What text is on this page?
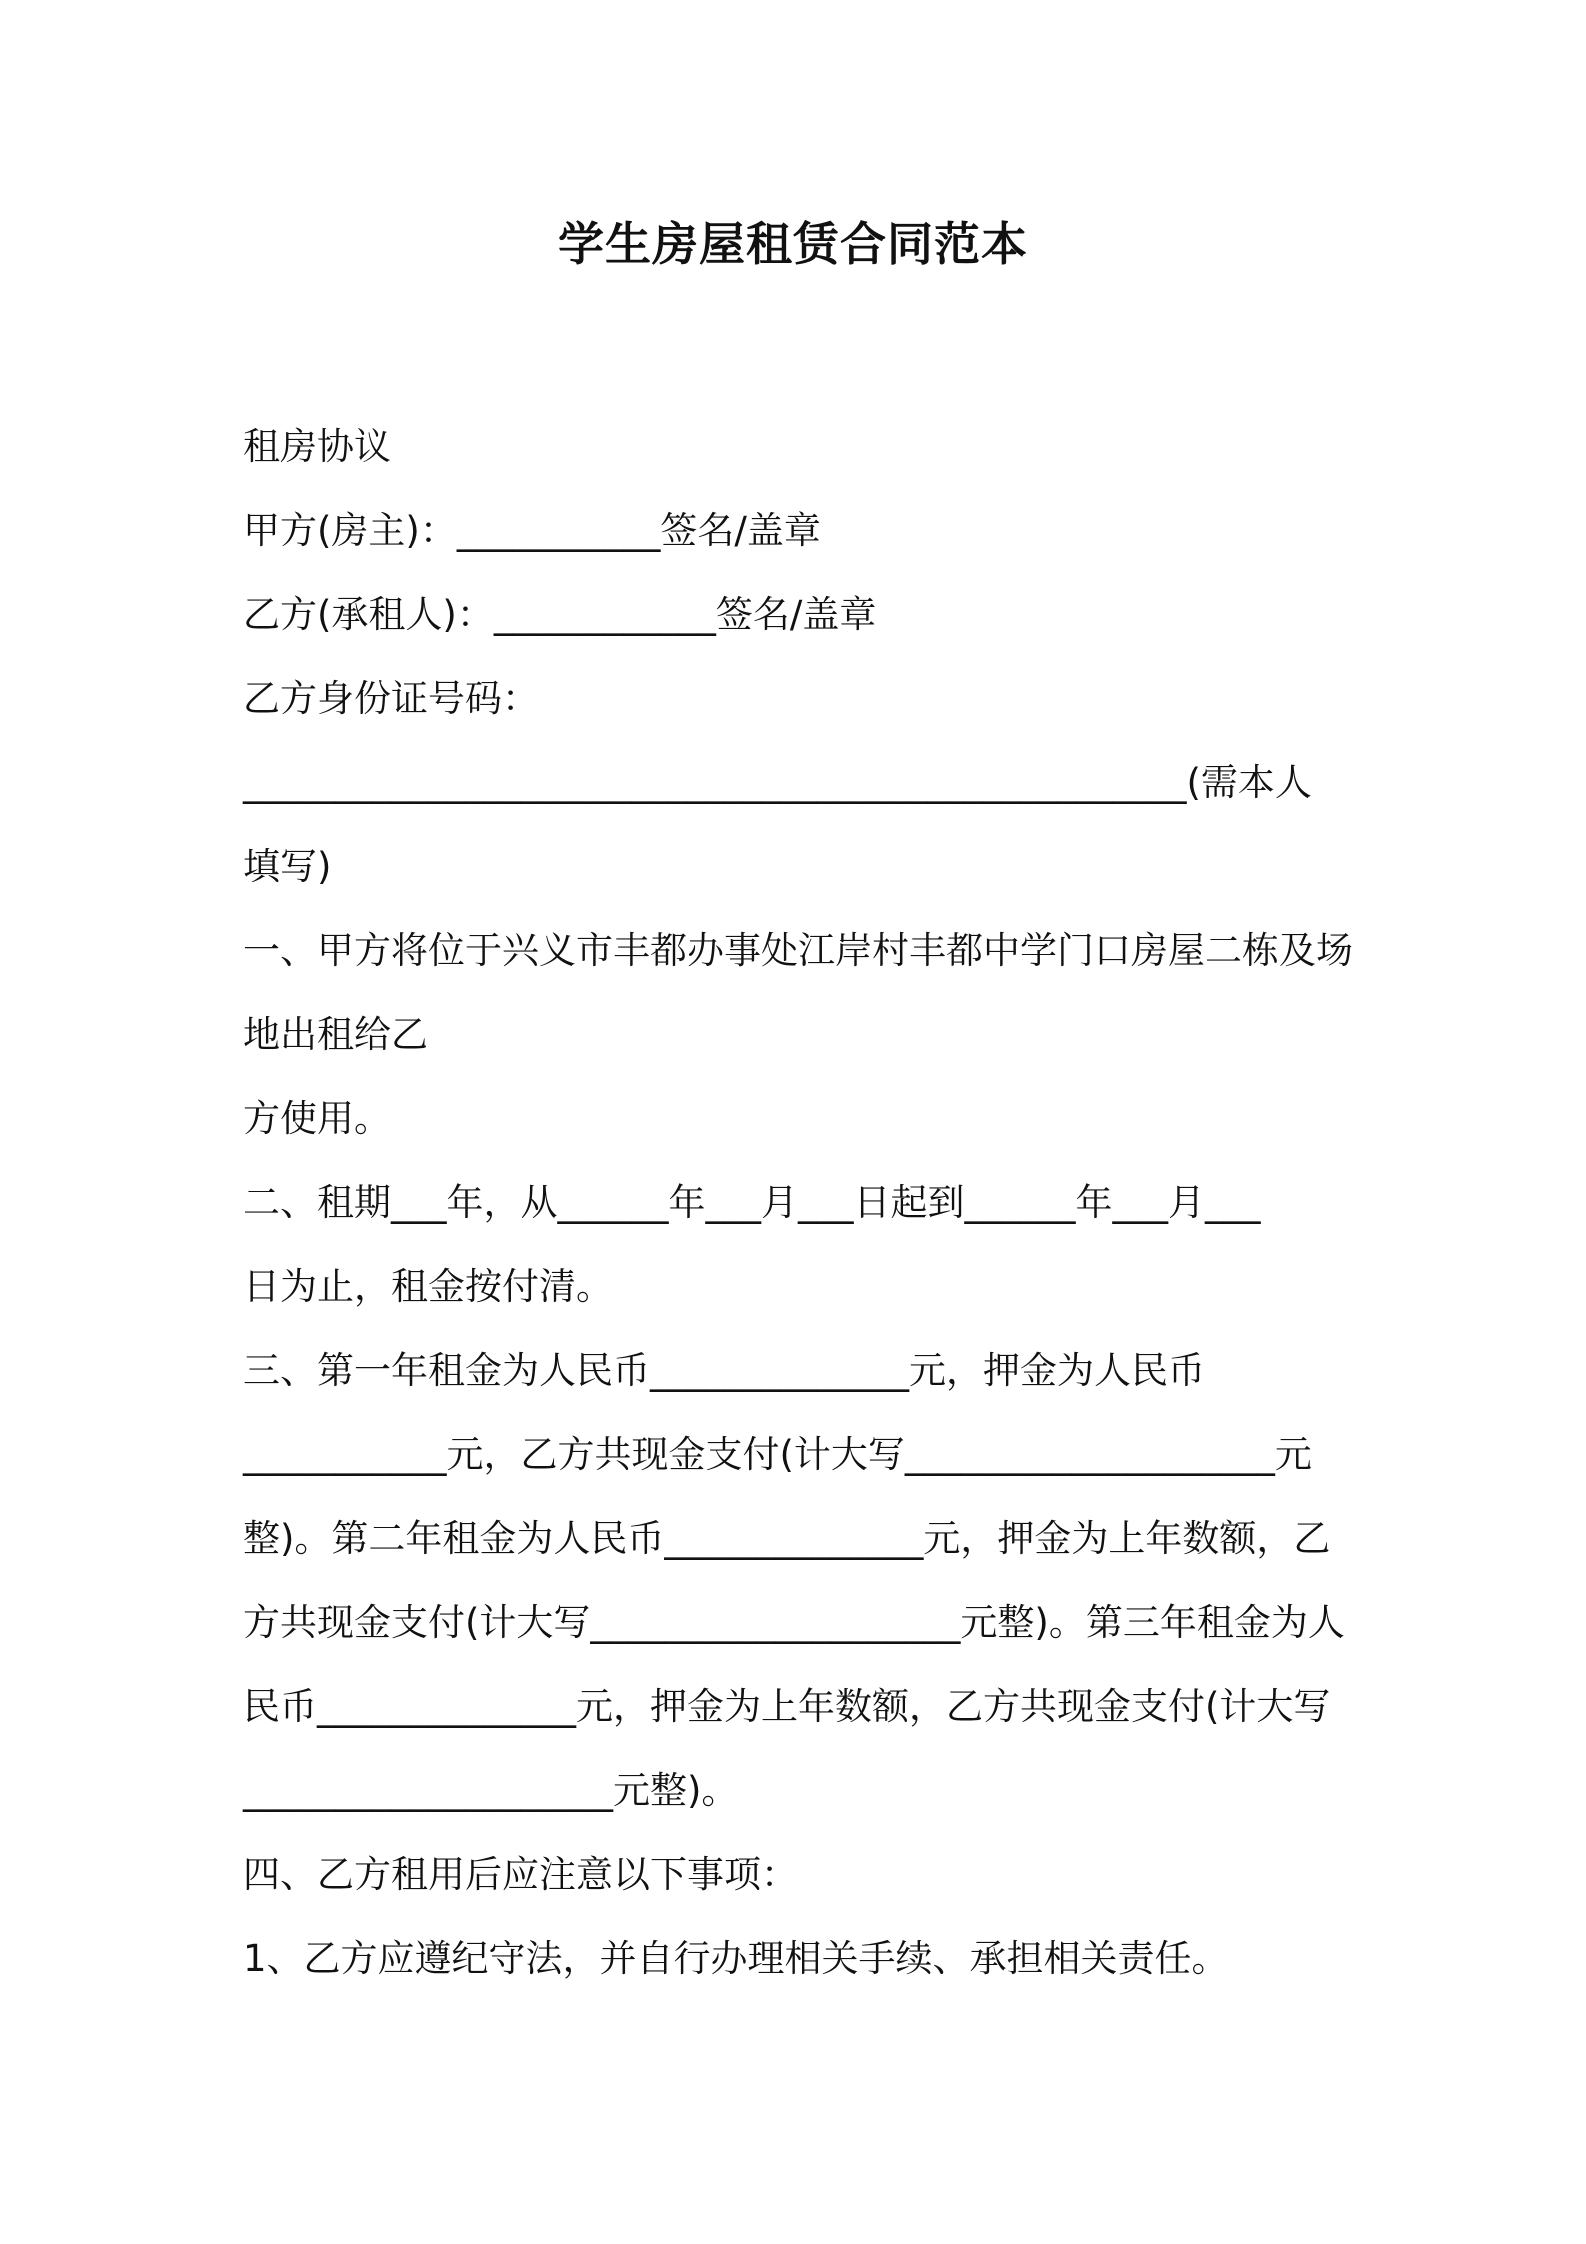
学生房屋租赁合同范本
租房协议
甲方(房主)：___________签名/盖章
乙方(承租人)：____________签名/盖章
乙方身份证号码：
___________________________________________________(需本人
填写)
一、甲方将位于兴义市丰都办事处江岸村丰都中学门口房屋二栋及场
地出租给乙
方使用。
二、租期___年，从______年___月___日起到______年___月___
日为止，租金按付清。
三、第一年租金为人民币______________元，押金为人民币
___________元，乙方共现金支付(计大写____________________元
整)。第二年租金为人民币______________元，押金为上年数额，乙
方共现金支付(计大写____________________元整)。第三年租金为人
民币______________元，押金为上年数额，乙方共现金支付(计大写
____________________元整)。
四、乙方租用后应注意以下事项：
1、乙方应遵纪守法，并自行办理相关手续、承担相关责任。
